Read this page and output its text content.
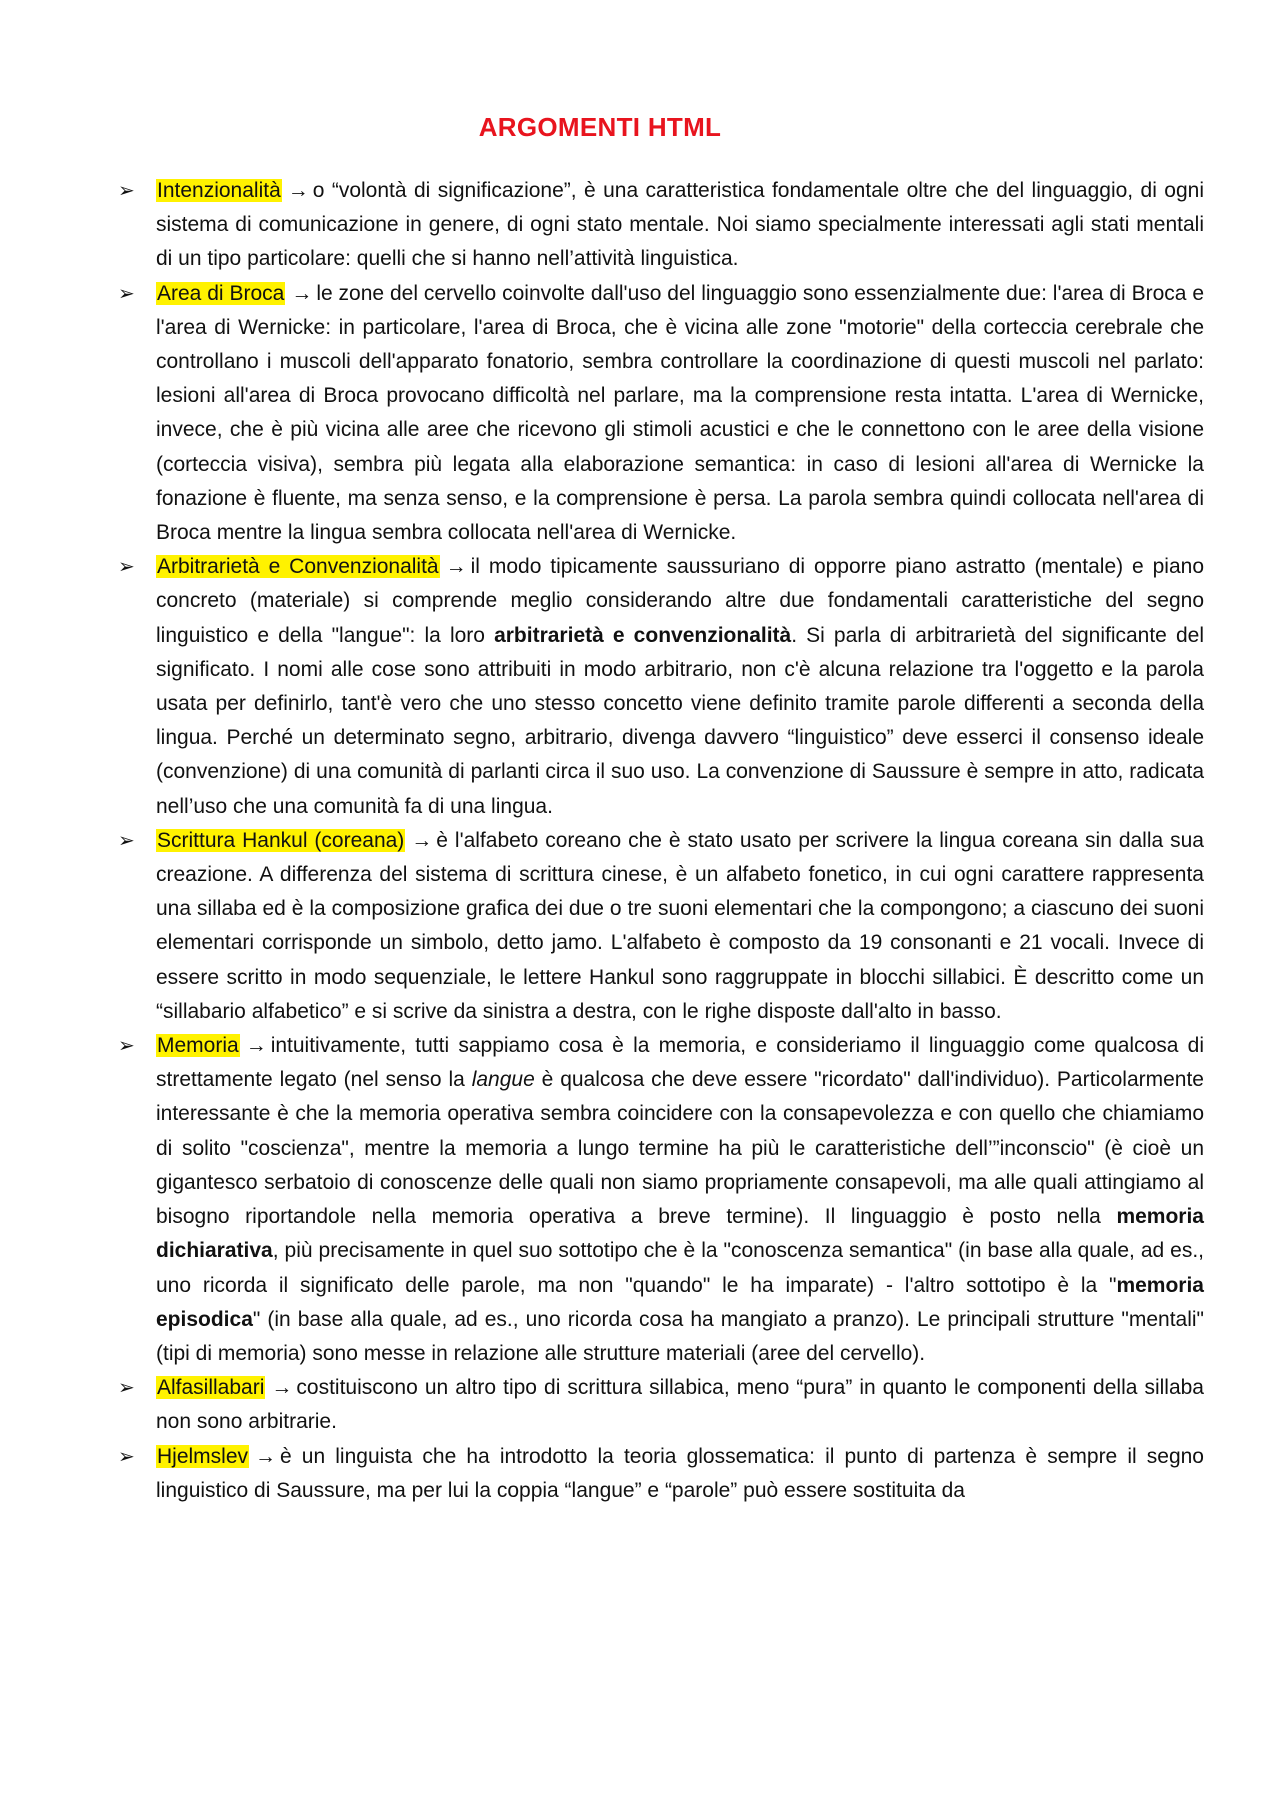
ARGOMENTI HTML
➢ Intenzionalità → o “volontà di significazione”, è una caratteristica fondamentale oltre che del linguaggio, di ogni sistema di comunicazione in genere, di ogni stato mentale. Noi siamo specialmente interessati agli stati mentali di un tipo particolare: quelli che si hanno nell’attività linguistica.
➢ Area di Broca → le zone del cervello coinvolte dall'uso del linguaggio sono essenzialmente due: l'area di Broca e l'area di Wernicke: in particolare, l'area di Broca, che è vicina alle zone "motorie" della corteccia cerebrale che controllano i muscoli dell'apparato fonatorio, sembra controllare la coordinazione di questi muscoli nel parlato: lesioni all'area di Broca provocano difficoltà nel parlare, ma la comprensione resta intatta. L'area di Wernicke, invece, che è più vicina alle aree che ricevono gli stimoli acustici e che le connettono con le aree della visione (corteccia visiva), sembra più legata alla elaborazione semantica: in caso di lesioni all'area di Wernicke la fonazione è fluente, ma senza senso, e la comprensione è persa. La parola sembra quindi collocata nell'area di Broca mentre la lingua sembra collocata nell'area di Wernicke.
➢ Arbitrarietà e Convenzionalità → il modo tipicamente saussuriano di opporre piano astratto (mentale) e piano concreto (materiale) si comprende meglio considerando altre due fondamentali caratteristiche del segno linguistico e della "langue": la loro arbitrarietà e convenzionalità. Si parla di arbitrarietà del significante del significato. I nomi alle cose sono attribuiti in modo arbitrario, non c'è alcuna relazione tra l'oggetto e la parola usata per definirlo, tant'è vero che uno stesso concetto viene definito tramite parole differenti a seconda della lingua. Perché un determinato segno, arbitrario, divenga davvero “linguistico” deve esserci il consenso ideale (convenzione) di una comunità di parlanti circa il suo uso. La convenzione di Saussure è sempre in atto, radicata nell’uso che una comunità fa di una lingua.
➢ Scrittura Hankul (coreana) → è l'alfabeto coreano che è stato usato per scrivere la lingua coreana sin dalla sua creazione. A differenza del sistema di scrittura cinese, è un alfabeto fonetico, in cui ogni carattere rappresenta una sillaba ed è la composizione grafica dei due o tre suoni elementari che la compongono; a ciascuno dei suoni elementari corrisponde un simbolo, detto jamo. L'alfabeto è composto da 19 consonanti e 21 vocali. Invece di essere scritto in modo sequenziale, le lettere Hankul sono raggruppate in blocchi sillabici. È descritto come un “sillabario alfabetico” e si scrive da sinistra a destra, con le righe disposte dall'alto in basso.
➢ Memoria → intuitivamente, tutti sappiamo cosa è la memoria, e consideriamo il linguaggio come qualcosa di strettamente legato (nel senso la langue è qualcosa che deve essere "ricordato" dall'individuo). Particolarmente interessante è che la memoria operativa sembra coincidere con la consapevolezza e con quello che chiamiamo di solito "coscienza", mentre la memoria a lungo termine ha più le caratteristiche dell’”inconscio" (è cioè un gigantesco serbatoio di conoscenze delle quali non siamo propriamente consapevoli, ma alle quali attingiamo al bisogno riportandole nella memoria operativa a breve termine). Il linguaggio è posto nella memoria dichiarativa, più precisamente in quel suo sottotipo che è la "conoscenza semantica" (in base alla quale, ad es., uno ricorda il significato delle parole, ma non "quando" le ha imparate) - l'altro sottotipo è la "memoria episodica" (in base alla quale, ad es., uno ricorda cosa ha mangiato a pranzo). Le principali strutture "mentali" (tipi di memoria) sono messe in relazione alle strutture materiali (aree del cervello).
➢ Alfasillabari → costituiscono un altro tipo di scrittura sillabica, meno “pura” in quanto le componenti della sillaba non sono arbitrarie.
➢ Hjelmslev → è un linguista che ha introdotto la teoria glossematica: il punto di partenza è sempre il segno linguistico di Saussure, ma per lui la coppia “langue” e “parole” può essere sostituita da
